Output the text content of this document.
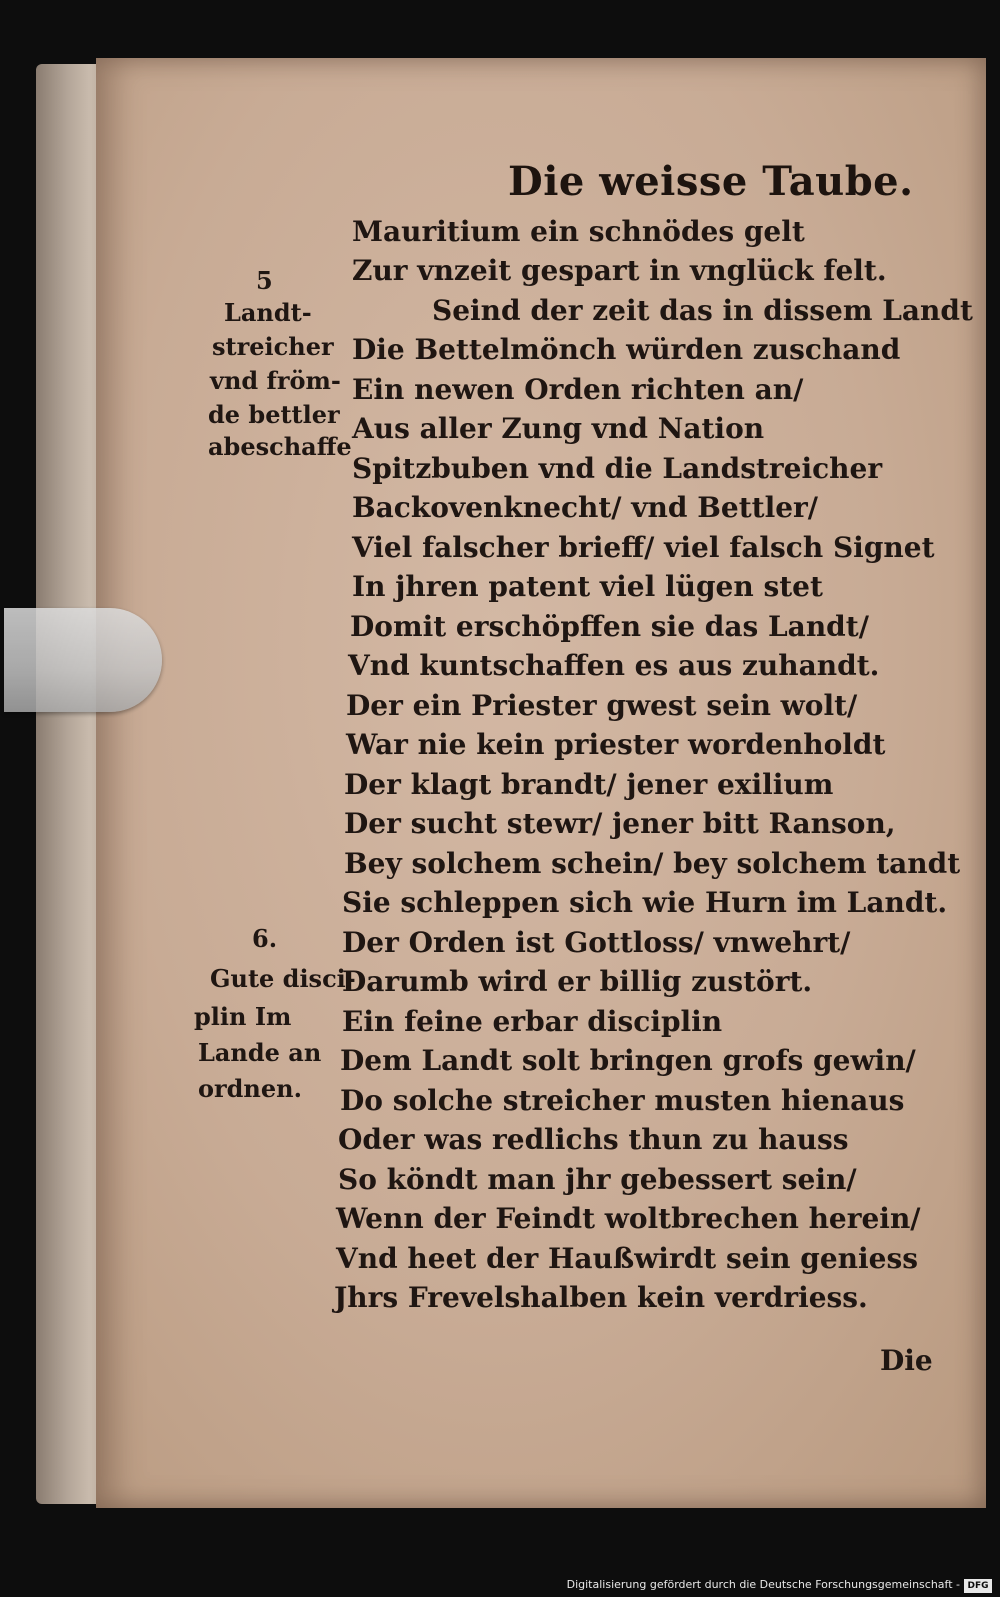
Die weisse Taube.
Mauritium ein schnödes gelt
Zur vnzeit gespart in vnglück felt.
Seind der zeit das in dissem Landt
Die Bettelmönch würden zuschand
Ein newen Orden richten an/
Aus aller Zung vnd Nation
Spitzbuben vnd die Landstreicher
Backovenknecht/ vnd Bettler/
Viel falscher brieff/ viel falsch Signet
In jhren patent viel lügen stet
Domit erschöpffen sie das Landt/
Vnd kuntschaffen es aus zuhandt.
Der ein Priester gwest sein wolt/
War nie kein priester wordenholdt
Der klagt brandt/ jener exilium
Der sucht stewr/ jener bitt Ranson,
Bey solchem schein/ bey solchem tandt
Sie schleppen sich wie Hurn im Landt.
Der Orden ist Gottloss/ vnwehrt/
Darumb wird er billig zustört.
Ein feine erbar disciplin
Dem Landt solt bringen grofs gewin/
Do solche streicher musten hienaus
Oder was redlichs thun zu hauss
So köndt man jhr gebessert sein/
Wenn der Feindt woltbrechen herein/
Vnd heet der Haußwirdt sein geniess
Jhrs Frevelshalben kein verdriess.
5
Landt-
streicher
vnd fröm-
de bettler
abeschaffe
6.
Gute disci-
plin Im
Lande an
ordnen.
Die
Digitalisierung gefördert durch die Deutsche Forschungsgemeinschaft - DFG
